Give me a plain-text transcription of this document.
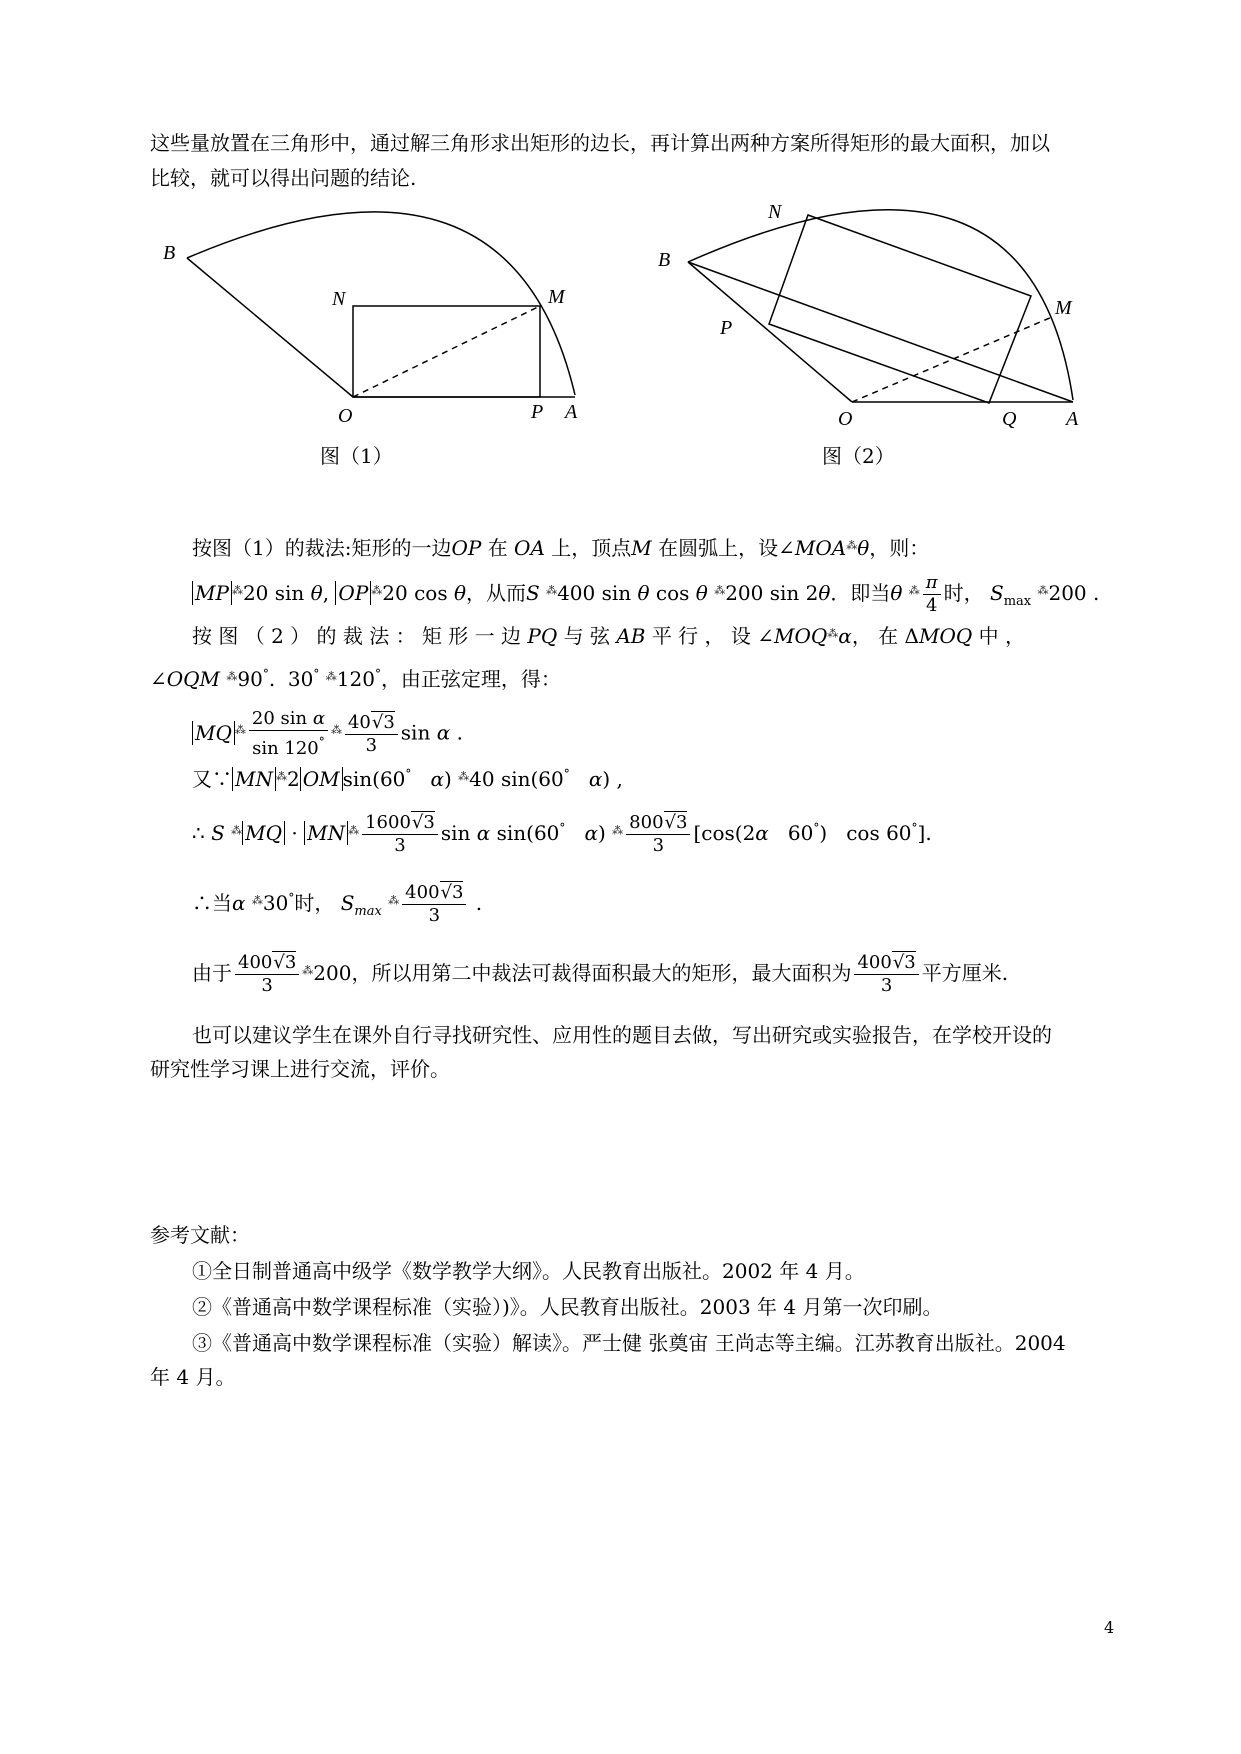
这些量放置在三角形中，通过解三角形求出矩形的边长，再计算出两种方案所得矩形的最大面积，加以

比较，就可以得出问题的结论.

B
N	M
O	P A
图（1）
N
B
M
P
O	Q A
图（2）

按图（1）的裁法:矩形的一边OP 在 OA 上，顶点M 在圆弧上，设∠MOA⁂θ，则：

MP ⁂20 sin θ, OP ⁂20 cos θ，从而S ⁂400 sin θ cos θ ⁂200 sin 2θ．即当θ $^⁂ \frac{\pi}{4}$ 时， $S_{max}$ ⁂200 .

按 图 （ 2 ） 的 裁 法 ： 矩 形 一 边 PQ 与 弦 AB 平 行 ， 设 ∠MOQ⁂α， 在 ΔMOQ 中 ，

∠OQM ⁂90°.  30° ⁂120°，由正弦定理，得：

MQ $^⁂ \frac{\text{20 sin α}}{\sin 120^\circ} ^⁂ \frac{40√3}{3}$ sin α .

又∵ MN ⁂2 OM sin(60° α) ⁂40 sin(60° α) ,

∴ S ⁂ MQ · MN $^⁂ \frac{1600√3}{3}$ sin α sin(60° α) $^⁂ \frac{800√3}{3} [\cos(2\alpha$   60°)   cos 60°].

∴当α ⁂30°时， $S_{max}$ $^⁂ \frac{400√3}{3}$ .

由于 $\frac{400√3}{3} ^⁂200$，所以用第二中裁法可裁得面积最大的矩形，最大面积为 $\frac{400√3}{3}$ 平方厘米.

也可以建议学生在课外自行寻找研究性、应用性的题目去做，写出研究或实验报告，在学校开设的

研究性学习课上进行交流，评价。

参考文献：

①全日制普通高中级学《数学教学大纲》。人民教育出版社。2002 年 4 月。

②《普通高中数学课程标准（实验）)》。人民教育出版社。2003 年 4 月第一次印刷。

③《普通高中数学课程标准（实验）解读》。严士健 张奠宙 王尚志等主编。江苏教育出版社。2004

年 4 月。

4
